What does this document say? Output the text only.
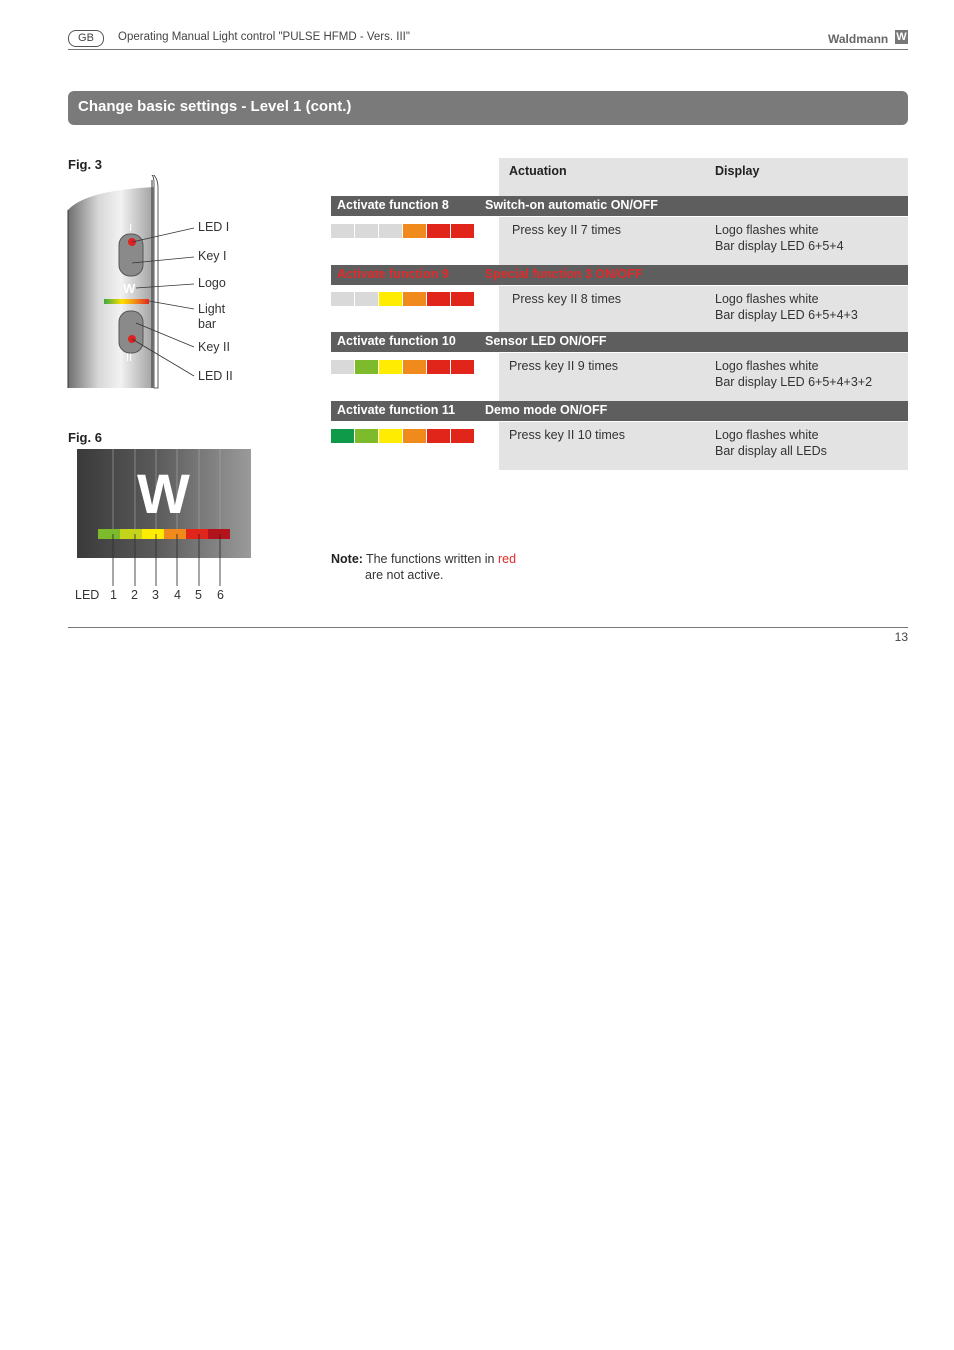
GB	Operating Manual Light control "PULSE HFMD - Vers. III"	Waldmann W
Change basic settings - Level 1 (cont.)
Fig. 3
I
II
W
LED I
Key I
Logo
Light
bar
Key II
LED II
Fig. 6
W
LED 1 2 3 4 5 6
Actuation	Display
Activate function 8	Switch-on automatic ON/OFF
Press key II 7 times	Logo flashes white
Bar display LED 6+5+4
Activate function 9	Special function 3 ON/OFF
Press key II 8 times	Logo flashes white
Bar display LED 6+5+4+3
Activate function 10 Sensor LED ON/OFF
Press key II 9 times	Logo flashes white
Bar display LED 6+5+4+3+2
Activate function 11 Demo mode ON/OFF
Press key II 10 times	Logo flashes white
Bar display all LEDs
Note: The functions written in red
are not active.
13
